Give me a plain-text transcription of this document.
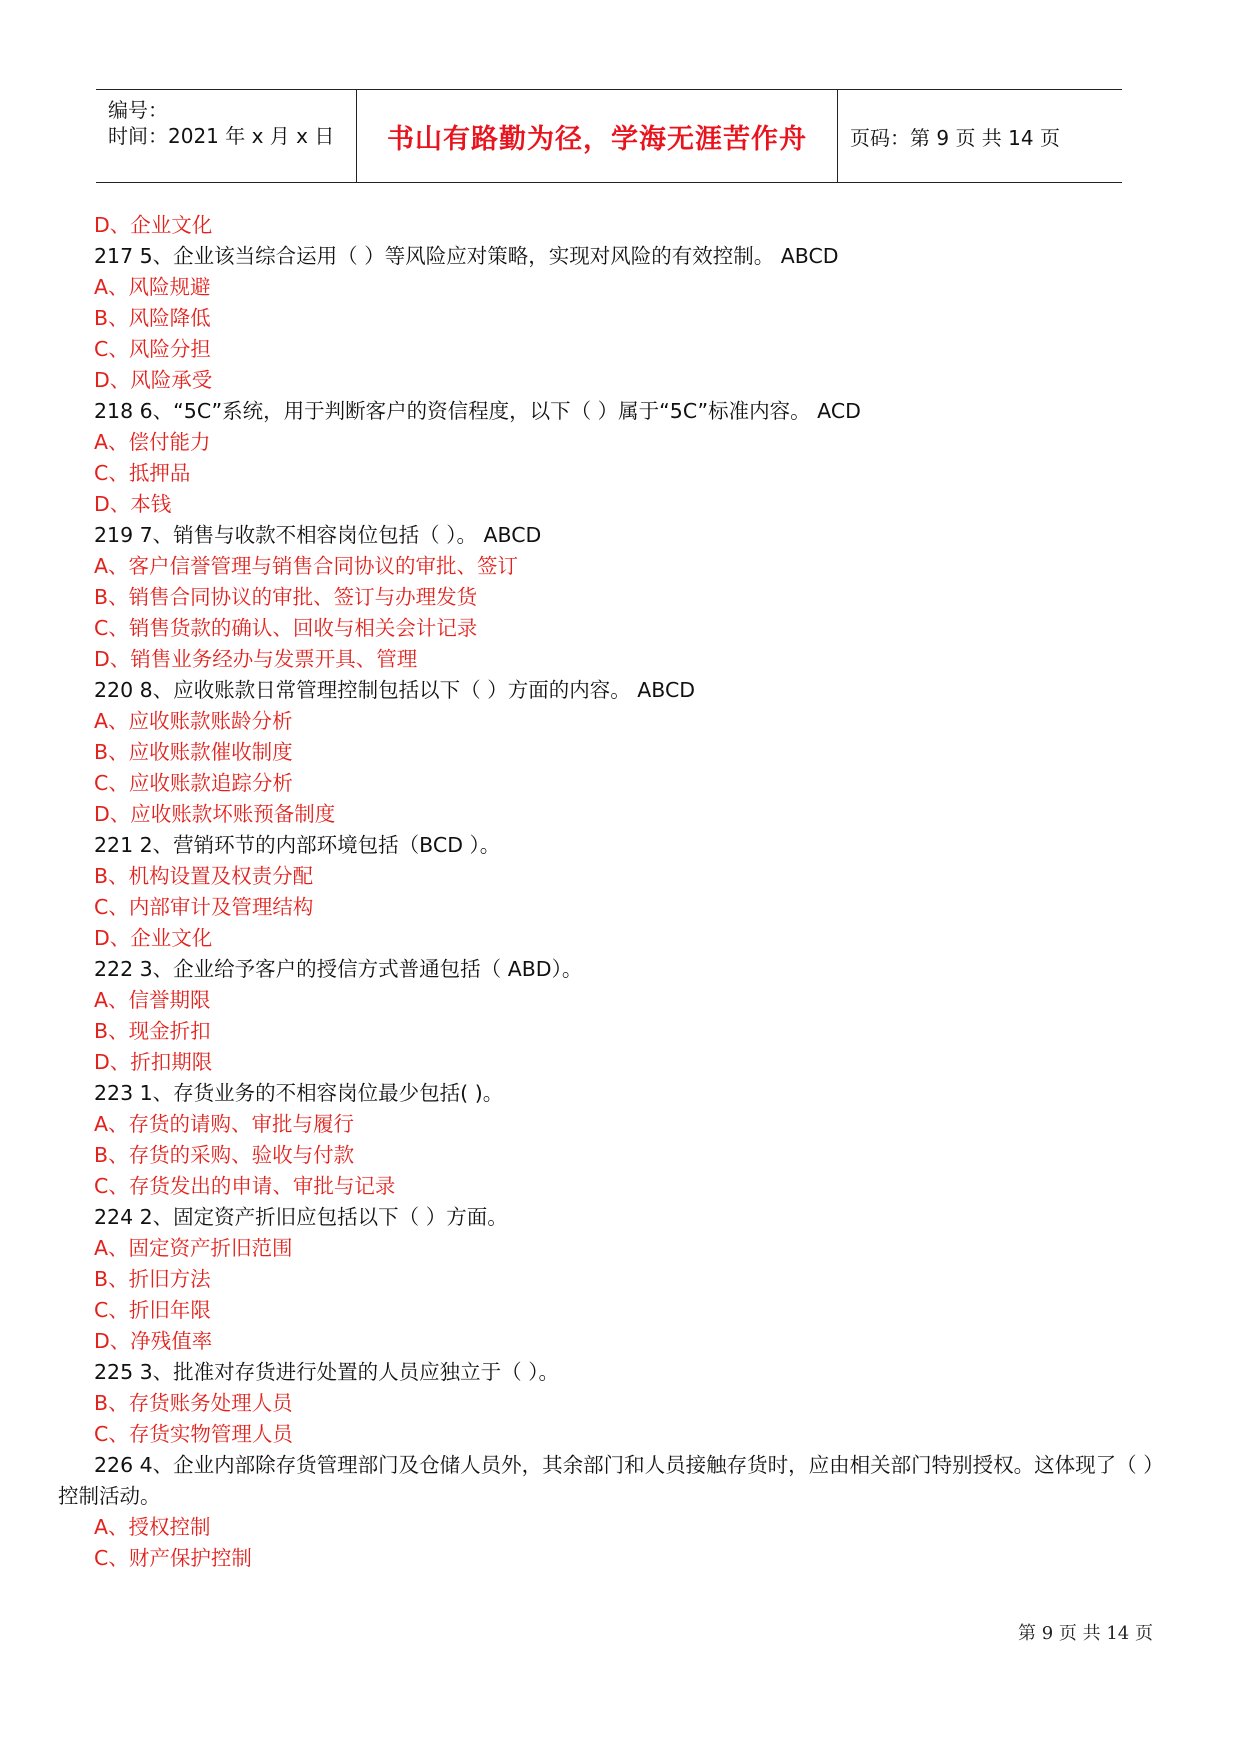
编号：
时间：2021 年 x 月 x 日 书山有路勤为径，学海无涯苦作舟 页码：第 9 页 共 14 页
D、企业文化
217 5、企业该当综合运用（ ）等风险应对策略，实现对风险的有效控制。 ABCD
A、风险规避
B、风险降低
C、风险分担
D、风险承受
218 6、“5C”系统，用于判断客户的资信程度，以下（ ）属于“5C”标准内容。 ACD
A、偿付能力
C、抵押品
D、本钱
219 7、销售与收款不相容岗位包括（ ）。 ABCD
A、客户信誉管理与销售合同协议的审批、签订
B、销售合同协议的审批、签订与办理发货
C、销售货款的确认、回收与相关会计记录
D、销售业务经办与发票开具、管理
220 8、应收账款日常管理控制包括以下（ ）方面的内容。 ABCD
A、应收账款账龄分析
B、应收账款催收制度
C、应收账款追踪分析
D、应收账款坏账预备制度
221 2、营销环节的内部环境包括（BCD ）。
B、机构设置及权责分配
C、内部审计及管理结构
D、企业文化
222 3、企业给予客户的授信方式普通包括（ ABD）。
A、信誉期限
B、现金折扣
D、折扣期限
223 1、存货业务的不相容岗位最少包括( )。
A、存货的请购、审批与履行
B、存货的采购、验收与付款
C、存货发出的申请、审批与记录
224 2、固定资产折旧应包括以下（ ）方面。
A、固定资产折旧范围
B、折旧方法
C、折旧年限
D、净残值率
225 3、批准对存货进行处置的人员应独立于（ ）。
B、存货账务处理人员
C、存货实物管理人员
226 4、企业内部除存货管理部门及仓储人员外，其余部门和人员接触存货时，应由相关部门特别授权。这体现了（ ）控制活动。
A、授权控制
C、财产保护控制
第 9 页 共 14 页
